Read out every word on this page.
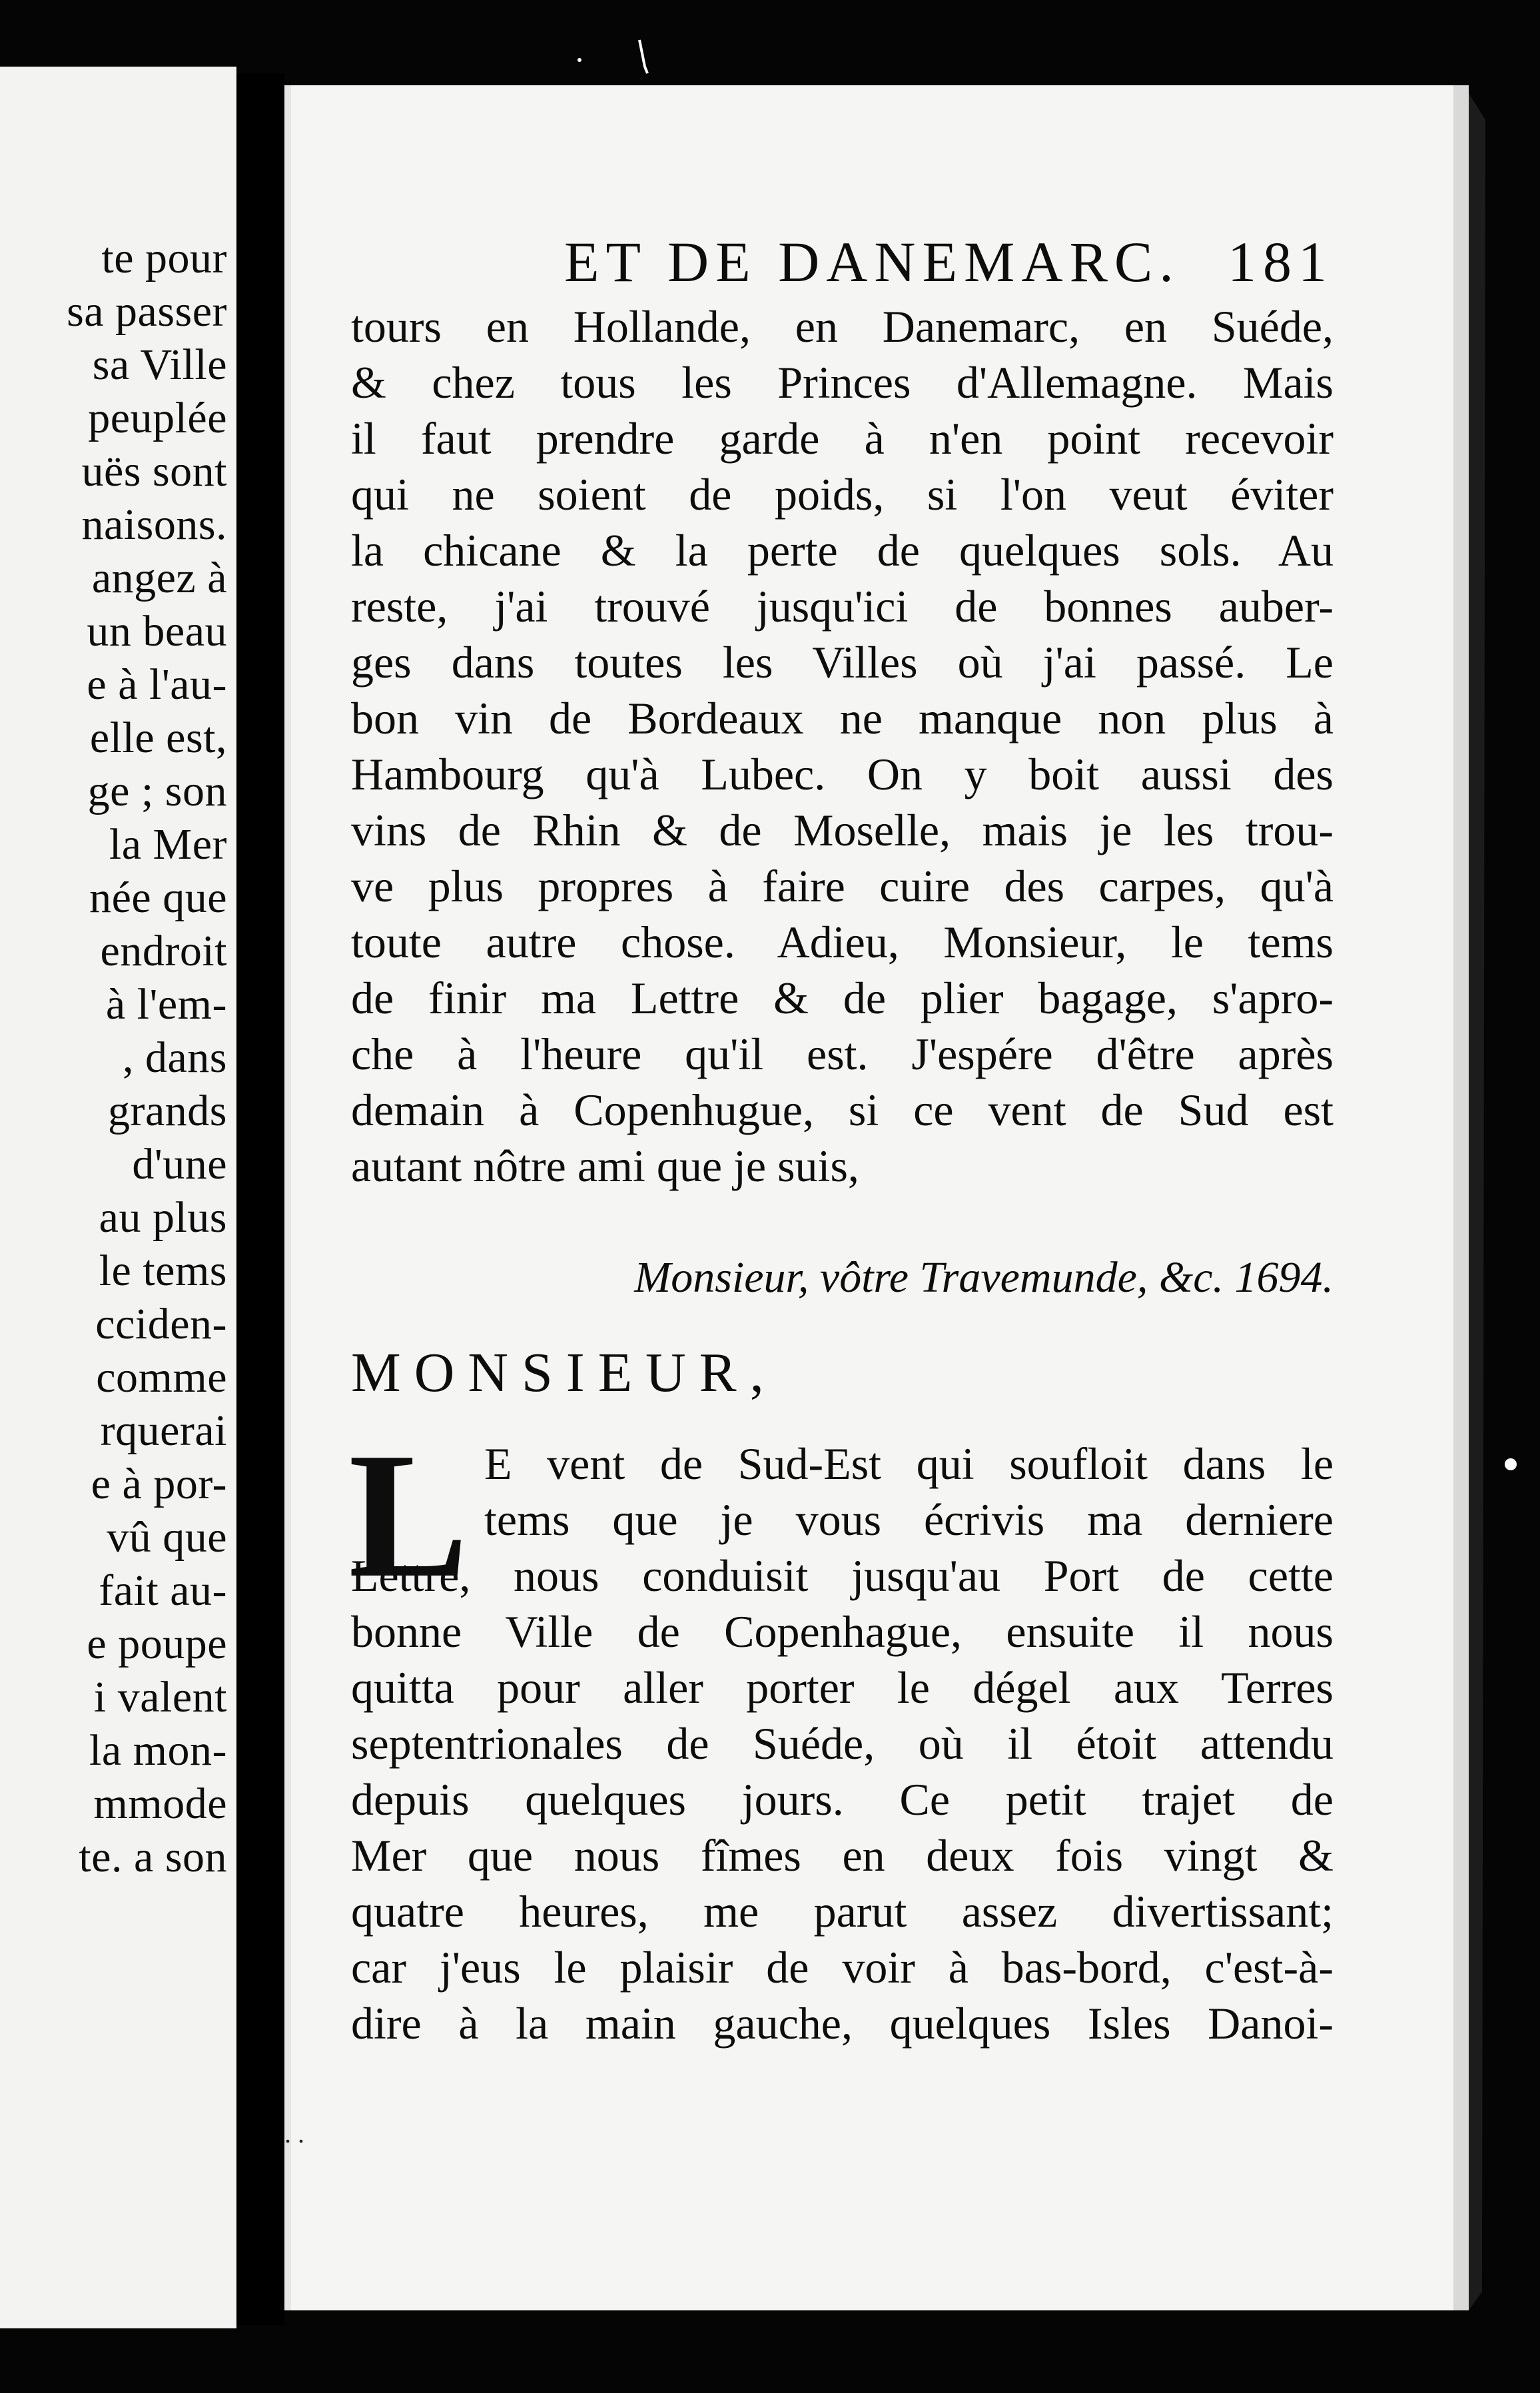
te pour
sa passer
sa Ville
peuplée
uës sont
naisons.
angez à
un beau
e à l'au-
elle est,
ge ; son
la Mer
née que
endroit
à l'em-
, dans
grands
d'une
au plus
le tems
cciden-
comme
rquerai
e à por-
vû que
fait au-
e poupe
i valent
la mon-
mmode
te. a son
ET DE DANEMARC. 181
tours en Hollande, en Danemarc, en Suéde,
& chez tous les Princes d'Allemagne. Mais
il faut prendre garde à n'en point recevoir
qui ne soient de poids, si l'on veut éviter
la chicane & la perte de quelques sols. Au
reste, j'ai trouvé jusqu'ici de bonnes auber-
ges dans toutes les Villes où j'ai passé. Le
bon vin de Bordeaux ne manque non plus à
Hambourg qu'à Lubec. On y boit aussi des
vins de Rhin & de Moselle, mais je les trou-
ve plus propres à faire cuire des carpes, qu'à
toute autre chose. Adieu, Monsieur, le tems
de finir ma Lettre & de plier bagage, s'apro-
che à l'heure qu'il est. J'espére d'être après
demain à Copenhugue, si ce vent de Sud est
autant nôtre ami que je suis,
Monsieur, vôtre Travemunde, &c. 1694.
MONSIEUR,
L E vent de Sud-Est qui soufloit dans le
tems que je vous écrivis ma derniere
Lettre, nous conduisit jusqu'au Port de cette
bonne Ville de Copenhague, ensuite il nous
quitta pour aller porter le dégel aux Terres
septentrionales de Suéde, où il étoit attendu
depuis quelques jours. Ce petit trajet de
Mer que nous fîmes en deux fois vingt &
quatre heures, me parut assez divertissant;
car j'eus le plaisir de voir à bas-bord, c'est-à-
dire à la main gauche, quelques Isles Danoi-
. .
